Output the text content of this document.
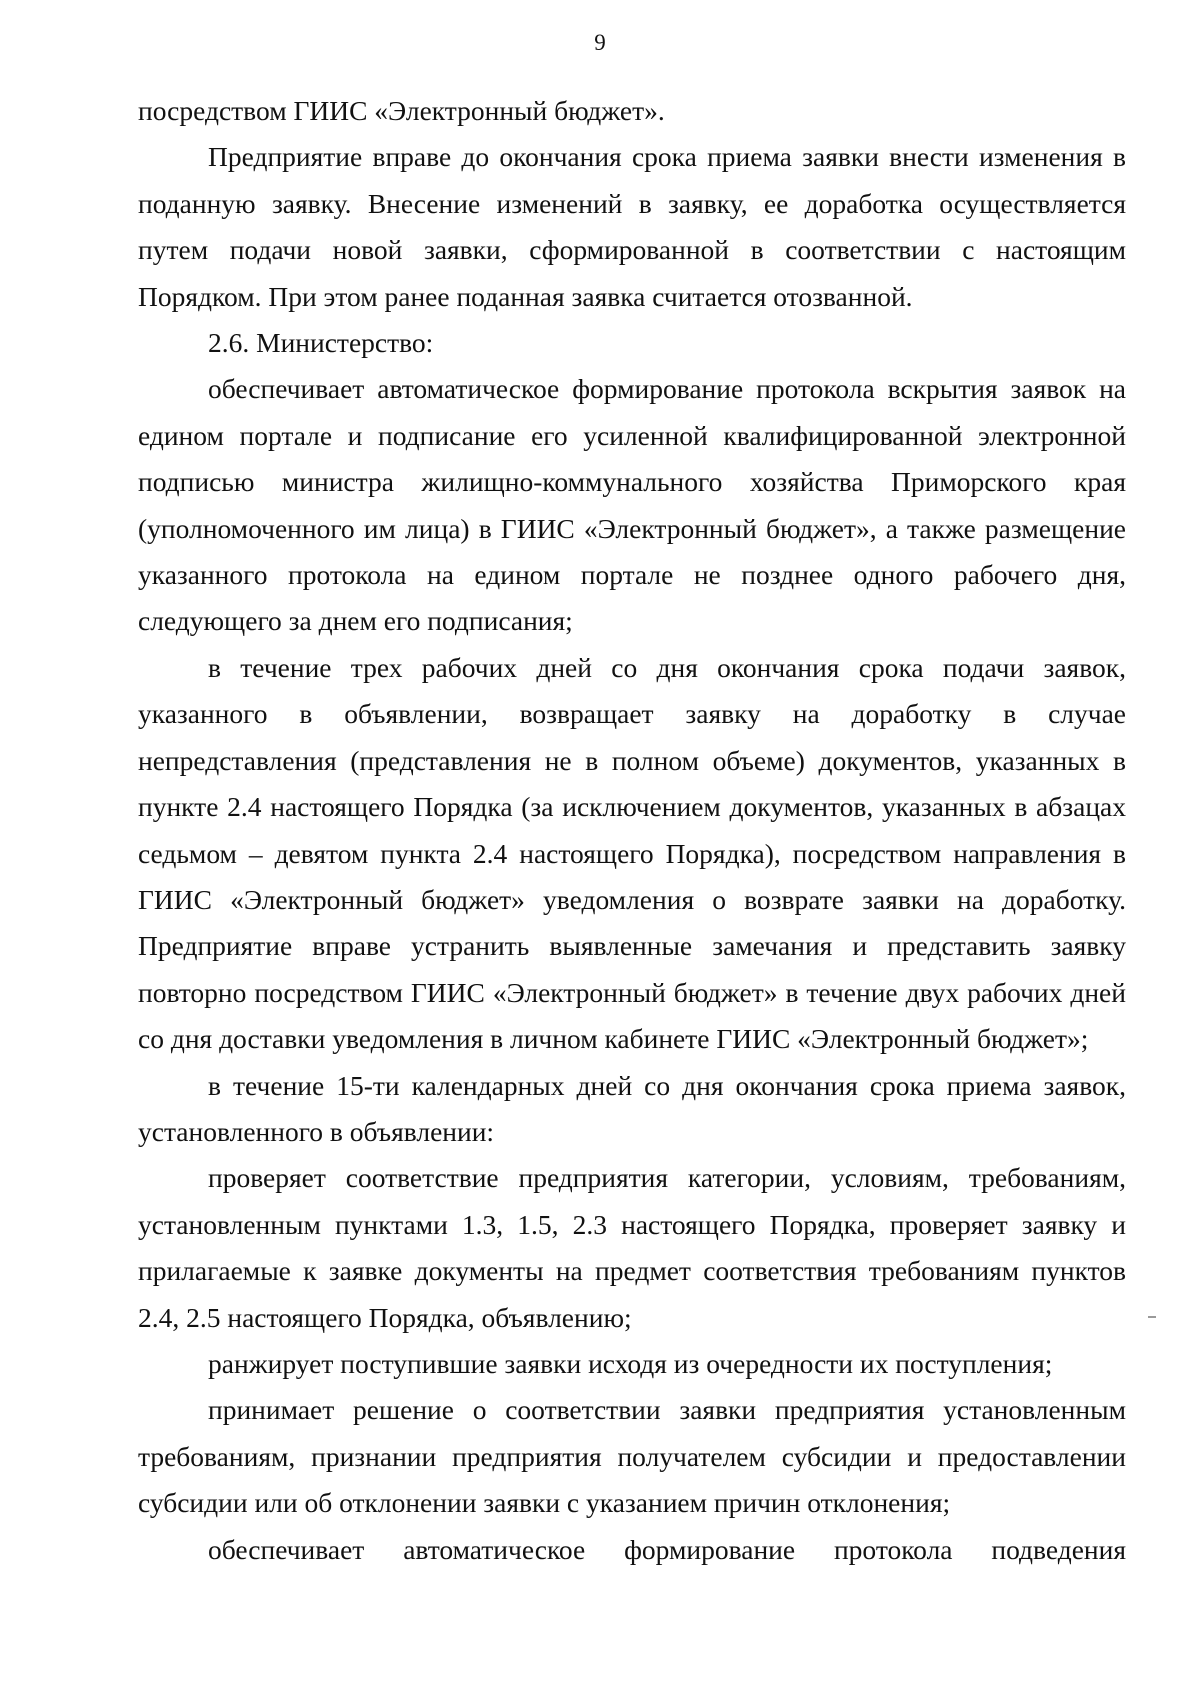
9

посредством ГИИС «Электронный бюджет».

Предприятие вправе до окончания срока приема заявки внести изменения в поданную заявку. Внесение изменений в заявку, ее доработка осуществляется путем подачи новой заявки, сформированной в соответствии с настоящим Порядком. При этом ранее поданная заявка считается отозванной.

2.6. Министерство:

обеспечивает автоматическое формирование протокола вскрытия заявок на едином портале и подписание его усиленной квалифицированной электронной подписью министра жилищно-коммунального хозяйства Приморского края (уполномоченного им лица) в ГИИС «Электронный бюджет», а также размещение указанного протокола на едином портале не позднее одного рабочего дня, следующего за днем его подписания;

в течение трех рабочих дней со дня окончания срока подачи заявок, указанного в объявлении, возвращает заявку на доработку в случае непредставления (представления не в полном объеме) документов, указанных в пункте 2.4 настоящего Порядка (за исключением документов, указанных в абзацах седьмом – девятом пункта 2.4 настоящего Порядка), посредством направления в ГИИС «Электронный бюджет» уведомления о возврате заявки на доработку. Предприятие вправе устранить выявленные замечания и представить заявку повторно посредством ГИИС «Электронный бюджет» в течение двух рабочих дней со дня доставки уведомления в личном кабинете ГИИС «Электронный бюджет»;

в течение 15-ти календарных дней со дня окончания срока приема заявок, установленного в объявлении:

проверяет соответствие предприятия категории, условиям, требованиям, установленным пунктами 1.3, 1.5, 2.3 настоящего Порядка, проверяет заявку и прилагаемые к заявке документы на предмет соответствия требованиям пунктов 2.4, 2.5 настоящего Порядка, объявлению;

ранжирует поступившие заявки исходя из очередности их поступления;

принимает решение о соответствии заявки предприятия установленным требованиям, признании предприятия получателем субсидии и предоставлении субсидии или об отклонении заявки с указанием причин отклонения;

обеспечивает автоматическое формирование протокола подведения
